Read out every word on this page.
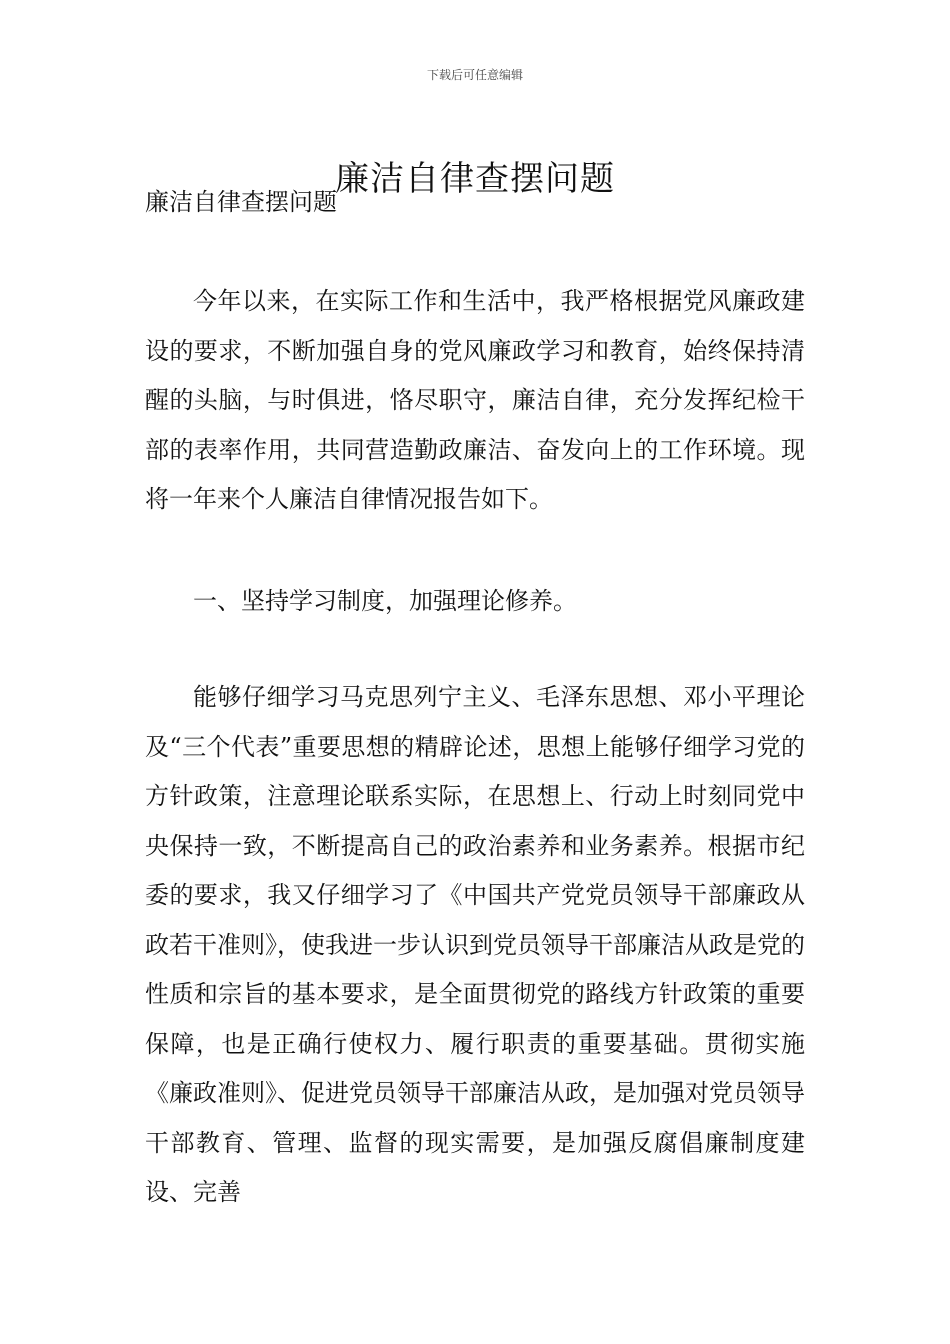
下载后可任意编辑
廉洁自律查摆问题
廉洁自律查摆问题

今年以来，在实际工作和生活中，我严格根据党风廉政建设的要求，不断加强自身的党风廉政学习和教育，始终保持清醒的头脑，与时俱进，恪尽职守，廉洁自律，充分发挥纪检干部的表率作用，共同营造勤政廉洁、奋发向上的工作环境。现将一年来个人廉洁自律情况报告如下。

一、坚持学习制度，加强理论修养。

能够仔细学习马克思列宁主义、毛泽东思想、邓小平理论及“三个代表”重要思想的精辟论述，思想上能够仔细学习党的方针政策，注意理论联系实际，在思想上、行动上时刻同党中央保持一致，不断提高自己的政治素养和业务素养。根据市纪委的要求，我又仔细学习了《中国共产党党员领导干部廉政从政若干准则》，使我进一步认识到党员领导干部廉洁从政是党的性质和宗旨的基本要求，是全面贯彻党的路线方针政策的重要保障，也是正确行使权力、履行职责的重要基础。贯彻实施《廉政准则》、促进党员领导干部廉洁从政，是加强对党员领导干部教育、管理、监督的现实需要，是加强反腐倡廉制度建设、完善
